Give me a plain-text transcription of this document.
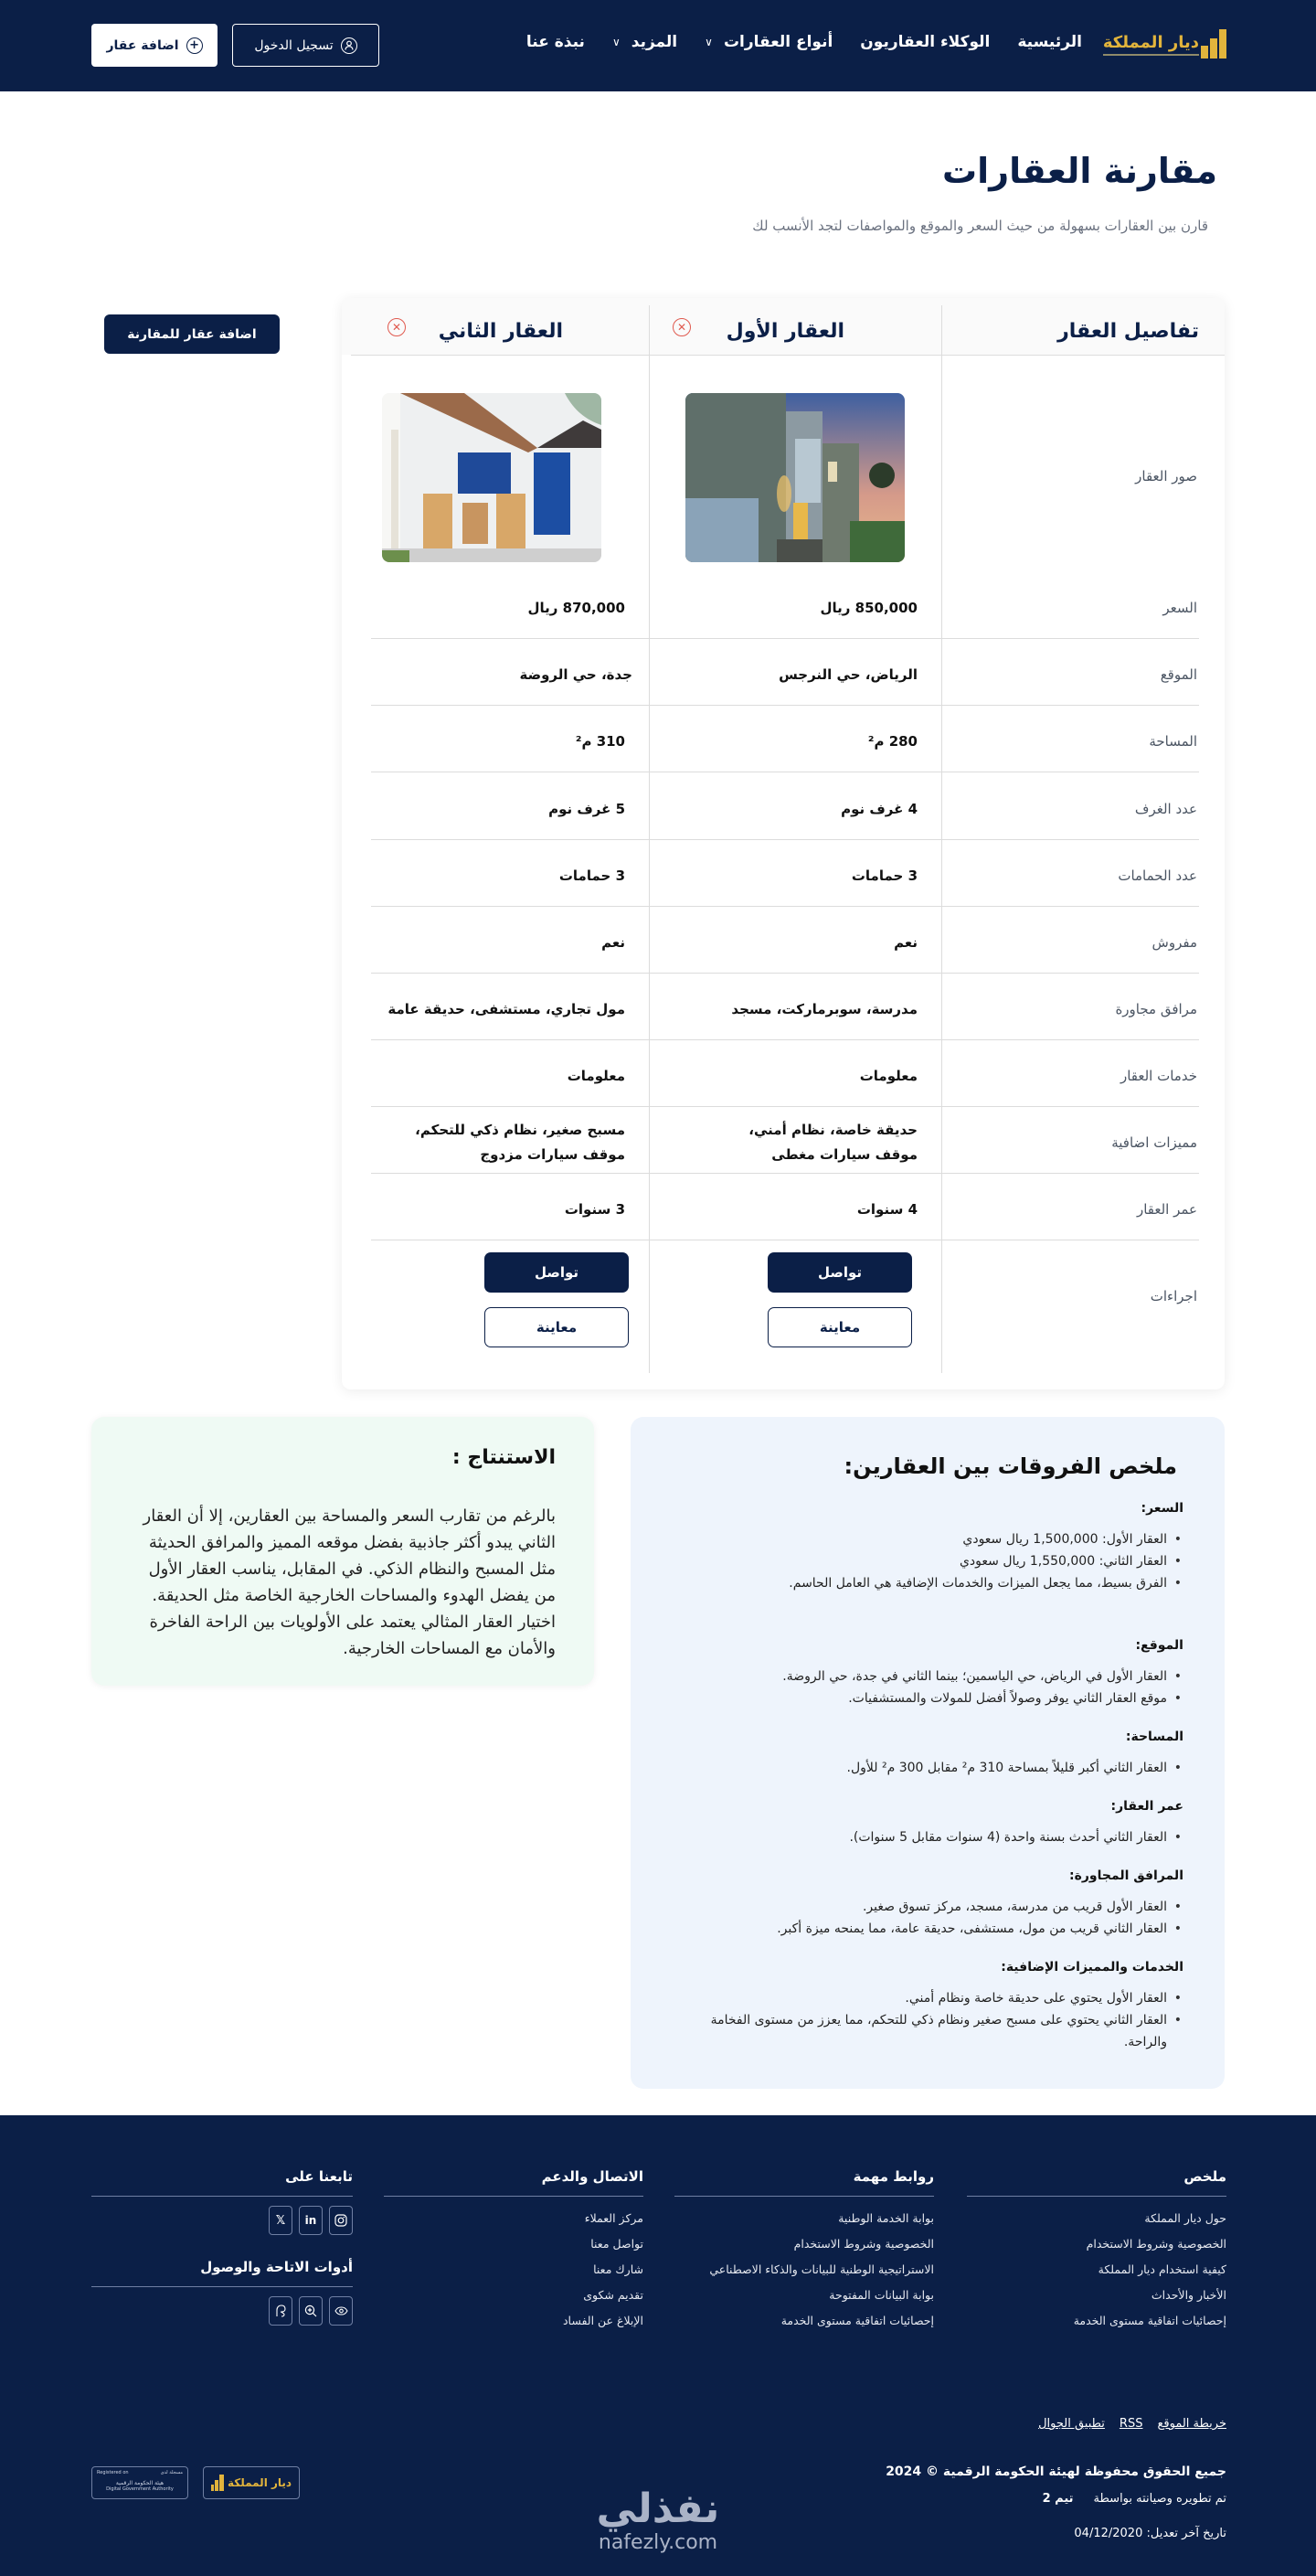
ديار المملكة
الرئيسية
الوكلاء العقاريون
أنواع العقارات
∨
المزيد
∨
نبذة عنا
تسجيل الدخول
+
اضافة عقار
مقارنة العقارات

قارن بين العقارات بسهولة من حيث السعر والموقع والمواصفات لتجد الأنسب لك

اضافة عقار للمقارنة	تفاصيل العقار
العقار الأول
✕
العقار الثاني
✕
صور العقار
السعر
850,000 ريال
870,000 ريال
الموقع
الرياض، حي النرجس
جدة، حي الروضة
المساحة
280 م²
310 م²
عدد الغرف
4 غرف نوم
5 غرف نوم
عدد الحمامات
3 حمامات
3 حمامات
مفروش
نعم
نعم
مرافق مجاورة
مدرسة، سوبرماركت، مسجد
مول تجاري، مستشفى، حديقة عامة
خدمات العقار
معلومات
معلومات
مميزات اضافية
حديقة خاصة، نظام أمني، موقف سيارات مغطى
مسبح صغير، نظام ذكي للتحكم، موقف سيارات مزدوج
عمر العقار
4 سنوات
3 سنوات
اجراءات
تواصل
معاينة
تواصل
معاينة
ملخص الفروقات بين العقارين:
السعر:
• العقار الأول: 1,500,000 ريال سعودي
• العقار الثاني: 1,550,000 ريال سعودي
• الفرق بسيط، مما يجعل الميزات والخدمات الإضافية هي العامل الحاسم.
الموقع:
• العقار الأول في الرياض، حي الياسمين؛ بينما الثاني في جدة، حي الروضة.
• موقع العقار الثاني يوفر وصولاً أفضل للمولات والمستشفيات.
المساحة:
• العقار الثاني أكبر قليلاً بمساحة 310 م² مقابل 300 م² للأول.
عمر العقار:
• العقار الثاني أحدث بسنة واحدة (4 سنوات مقابل 5 سنوات).
المرافق المجاورة:
• العقار الأول قريب من مدرسة، مسجد، مركز تسوق صغير.
• العقار الثاني قريب من مول، مستشفى، حديقة عامة، مما يمنحه ميزة أكبر.
الخدمات والمميزات الإضافية:
• العقار الأول يحتوي على حديقة خاصة ونظام أمني.
• العقار الثاني يحتوي على مسبح صغير ونظام ذكي للتحكم، مما يعزز من مستوى الفخامة والراحة.
الاستنتاج :

بالرغم من تقارب السعر والمساحة بين العقارين، إلا أن العقار الثاني يبدو أكثر جاذبية بفضل موقعه المميز والمرافق الحديثة مثل المسبح والنظام الذكي. في المقابل، يناسب العقار الأول من يفضل الهدوء والمساحات الخارجية الخاصة مثل الحديقة. اختيار العقار المثالي يعتمد على الأولويات بين الراحة الفاخرة والأمان مع المساحات الخارجية.

ملخص
حول ديار المملكة
الخصوصية وشروط الاستخدام
كيفية استخدام ديار المملكة
الأخبار والأحداث
إحصائيات اتفاقية مستوى الخدمة
روابط مهمة
بوابة الخدمة الوطنية
الخصوصية وشروط الاستخدام
الاستراتيجية الوطنية للبيانات والذكاء الاصطناعي
بوابة البيانات المفتوحة
إحصائيات اتفاقية مستوى الخدمة
الاتصال والدعم
مركز العملاء
تواصل معنا
شارك معنا
تقديم شكوى
الإبلاغ عن الفساد
تابعنا على
in
𝕏
أدوات الاتاحة والوصول
خريطة الموقع
RSS
تطبيق الجوال
جميع الحقوق محفوظة لهيئة الحكومة الرقمية © 2024
تم تطويره وصيانته بواسطة
تيم 2
تاريخ آخر تعديل: 04/12/2020
ديار المملكة
مسجلة لدى
Registered on
هيئة الحكومة الرقمية
Digital Government Authority	نفذلي
nafezly.com
